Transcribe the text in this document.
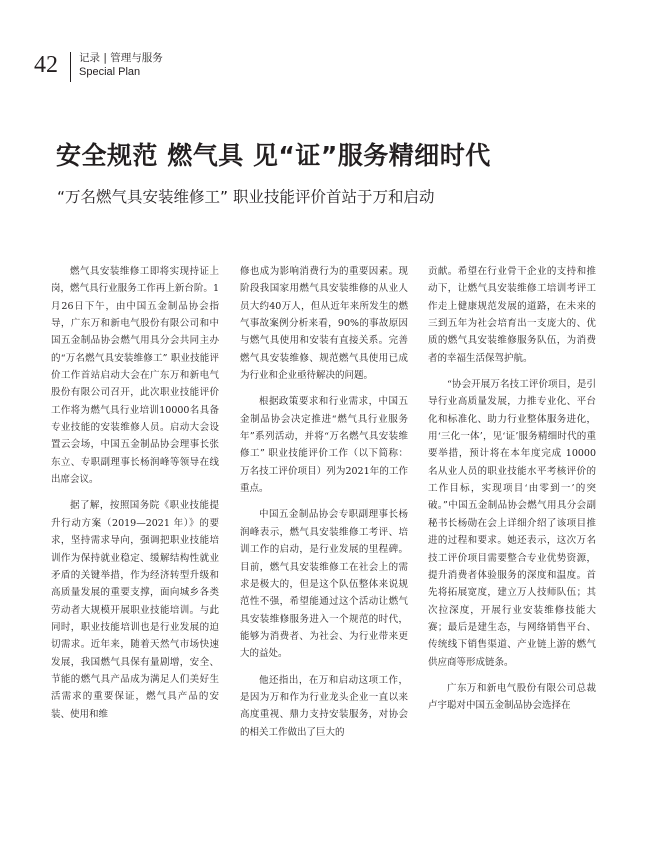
42 记录 | 管理与服务
Special Plan
安全规范 燃气具 见“证”服务精细时代
“万名燃气具安装维修工” 职业技能评价首站于万和启动

燃气具安装维修工即将实现持证上岗，燃气具行业服务工作再上新台阶。1月26日下午，由中国五金制品协会指导，广东万和新电气股份有限公司和中国五金制品协会燃气用具分会共同主办的“万名燃气具安装维修工” 职业技能评价工作首站启动大会在广东万和新电气股份有限公司召开，此次职业技能评价工作将为燃气具行业培训10000名具备专业技能的安装维修人员。启动大会设置云会场，中国五金制品协会理事长张东立、专职副理事长杨润峰等领导在线出席会议。

据了解，按照国务院《职业技能提升行动方案（2019—2021 年）》的要求，坚持需求导向，强调把职业技能培训作为保持就业稳定、缓解结构性就业矛盾的关键举措，作为经济转型升级和高质量发展的重要支撑，面向城乡各类劳动者大规模开展职业技能培训。与此同时，职业技能培训也是行业发展的迫切需求。近年来，随着天然气市场快速发展，我国燃气具保有量剧增，安全、节能的燃气具产品成为满足人们美好生活需求的重要保证，燃气具产品的安装、使用和维

修也成为影响消费行为的重要因素。现阶段我国家用燃气具安装维修的从业人员大约40万人，但从近年来所发生的燃气事故案例分析来看，90%的事故原因与燃气具使用和安装有直接关系。完善燃气具安装维修、规范燃气具使用已成为行业和企业亟待解决的问题。

根据政策要求和行业需求，中国五金制品协会决定推进“燃气具行业服务年”系列活动，并将“万名燃气具安装维修工” 职业技能评价工作（以下简称：万名技工评价项目）列为2021年的工作重点。

中国五金制品协会专职副理事长杨润峰表示，燃气具安装维修工考评、培训工作的启动，是行业发展的里程碑。目前，燃气具安装维修工在社会上的需求是极大的，但是这个队伍整体来说规范性不强，希望能通过这个活动让燃气具安装维修服务进入一个规范的时代，能够为消费者、为社会、为行业带来更大的益处。

他还指出，在万和启动这项工作，是因为万和作为行业龙头企业一直以来高度重视、鼎力支持安装服务，对协会的相关工作做出了巨大的

贡献。希望在行业骨干企业的支持和推动下，让燃气具安装维修工培训考评工作走上健康规范发展的道路，在未来的三到五年为社会培育出一支庞大的、优质的燃气具安装维修服务队伍，为消费者的幸福生活保驾护航。

“协会开展万名技工评价项目，是引导行业高质量发展，力推专业化、平台化和标准化、助力行业整体服务进化，用‘三化一体’，见‘证’服务精细时代的重要举措，预计将在本年度完成 10000 名从业人员的职业技能水平考核评价的工作目标，实现项目‘由零到一’的突破。”中国五金制品协会燃气用具分会副秘书长杨勋在会上详细介绍了该项目推进的过程和要求。她还表示，这次万名技工评价项目需要整合专业优势资源，提升消费者体验服务的深度和温度。首先将拓展宽度，建立万人技师队伍；其次拉深度，开展行业安装维修技能大赛；最后是建生态，与网络销售平台、传统线下销售渠道、产业链上游的燃气供应商等形成链条。

广东万和新电气股份有限公司总裁卢宇聪对中国五金制品协会选择在
